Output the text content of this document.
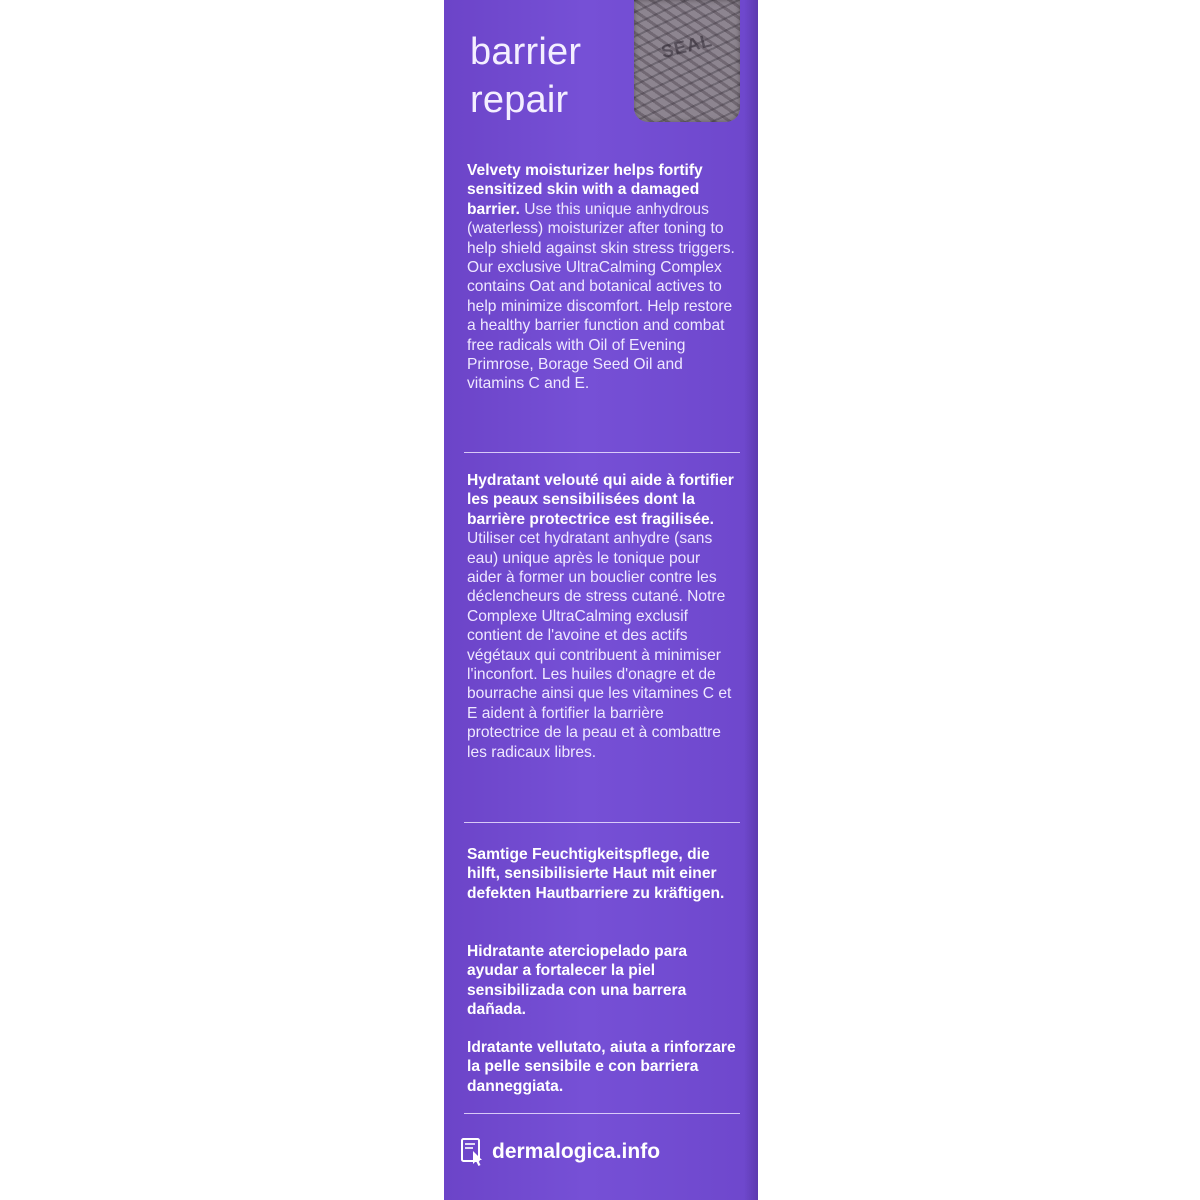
barrier
repair
SEAL
Velvety moisturizer helps fortify sensitized skin with a damaged barrier. Use this unique anhydrous (waterless) moisturizer after toning to help shield against skin stress triggers. Our exclusive UltraCalming Complex contains Oat and botanical actives to help minimize discomfort. Help restore a healthy barrier function and combat free radicals with Oil of Evening Primrose, Borage Seed Oil and vitamins C and E.
Hydratant velouté qui aide à fortifier les peaux sensibilisées dont la barrière protectrice est fragilisée. Utiliser cet hydratant anhydre (sans eau) unique après le tonique pour aider à former un bouclier contre les déclencheurs de stress cutané. Notre Complexe UltraCalming exclusif contient de l'avoine et des actifs végétaux qui contribuent à minimiser l'inconfort. Les huiles d'onagre et de bourrache ainsi que les vitamines C et E aident à fortifier la barrière protectrice de la peau et à combattre les radicaux libres.
Samtige Feuchtigkeitspflege, die hilft, sensibilisierte Haut mit einer defekten Hautbarriere zu kräftigen.
Hidratante aterciopelado para ayudar a fortalecer la piel sensibilizada con una barrera dañada.
Idratante vellutato, aiuta a rinforzare la pelle sensibile e con barriera danneggiata.
dermalogica.info
